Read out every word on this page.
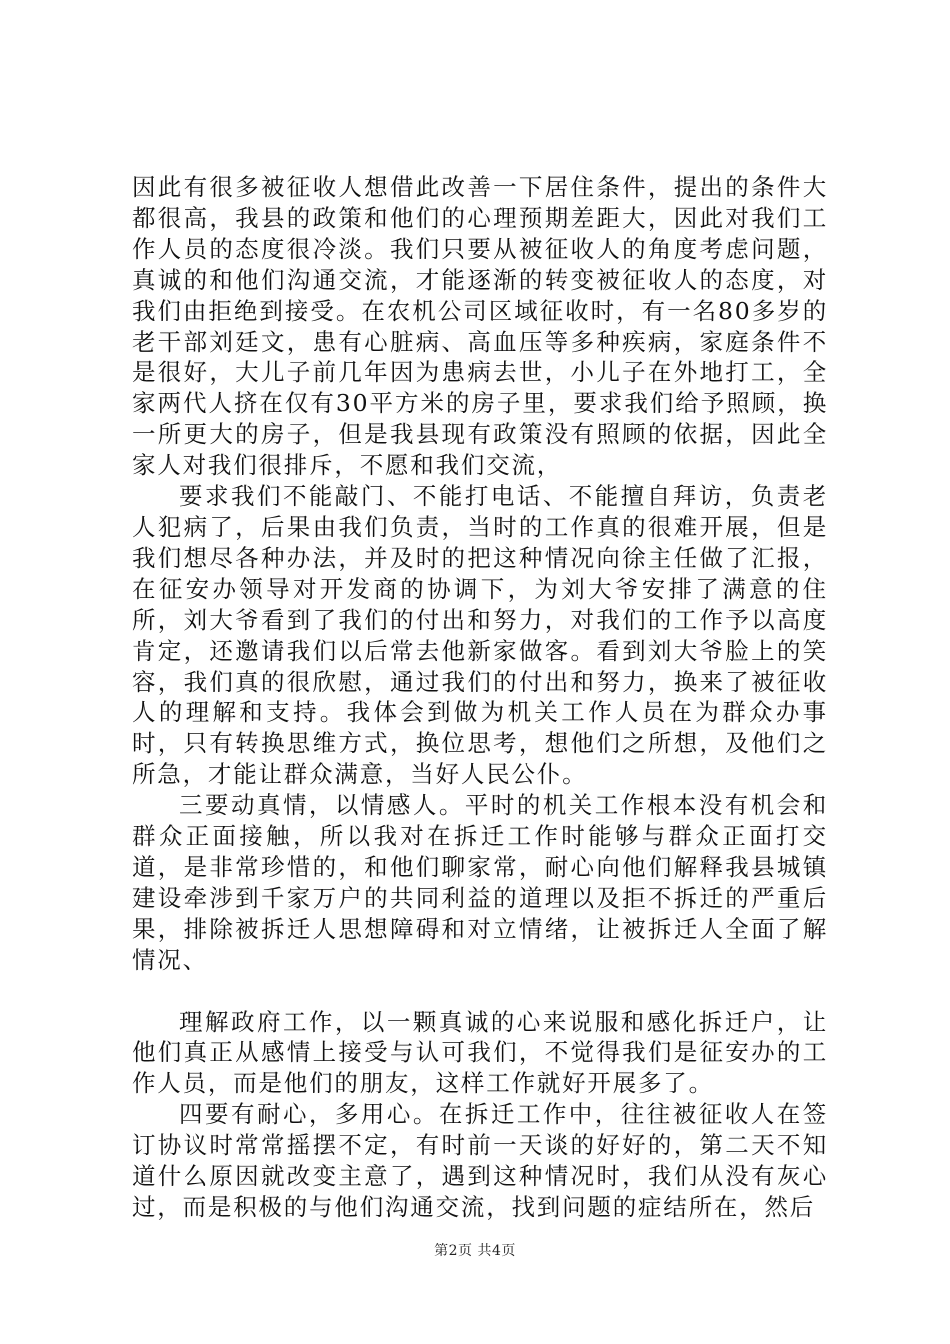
因此有很多被征收人想借此改善一下居住条件，提出的条件大都很高，我县的政策和他们的心理预期差距大，因此对我们工作人员的态度很冷淡。我们只要从被征收人的角度考虑问题，真诚的和他们沟通交流，才能逐渐的转变被征收人的态度，对我们由拒绝到接受。在农机公司区域征收时，有一名80多岁的老干部刘廷文，患有心脏病、高血压等多种疾病，家庭条件不是很好，大儿子前几年因为患病去世，小儿子在外地打工，全家两代人挤在仅有30平方米的房子里，要求我们给予照顾，换一所更大的房子，但是我县现有政策没有照顾的依据，因此全家人对我们很排斥，不愿和我们交流，

要求我们不能敲门、不能打电话、不能擅自拜访，负责老人犯病了，后果由我们负责，当时的工作真的很难开展，但是我们想尽各种办法，并及时的把这种情况向徐主任做了汇报，在征安办领导对开发商的协调下，为刘大爷安排了满意的住所，刘大爷看到了我们的付出和努力，对我们的工作予以高度肯定，还邀请我们以后常去他新家做客。看到刘大爷脸上的笑容，我们真的很欣慰，通过我们的付出和努力，换来了被征收人的理解和支持。我体会到做为机关工作人员在为群众办事时，只有转换思维方式，换位思考，想他们之所想，及他们之所急，才能让群众满意，当好人民公仆。

三要动真情，以情感人。平时的机关工作根本没有机会和群众正面接触，所以我对在拆迁工作时能够与群众正面打交道，是非常珍惜的，和他们聊家常，耐心向他们解释我县城镇建设牵涉到千家万户的共同利益的道理以及拒不拆迁的严重后果，排除被拆迁人思想障碍和对立情绪，让被拆迁人全面了解情况、

理解政府工作，以一颗真诚的心来说服和感化拆迁户，让他们真正从感情上接受与认可我们，不觉得我们是征安办的工作人员，而是他们的朋友，这样工作就好开展多了。

四要有耐心，多用心。在拆迁工作中，往往被征收人在签订协议时常常摇摆不定，有时前一天谈的好好的，第二天不知道什么原因就改变主意了，遇到这种情况时，我们从没有灰心过，而是积极的与他们沟通交流，找到问题的症结所在，然后

第2页 共4页
